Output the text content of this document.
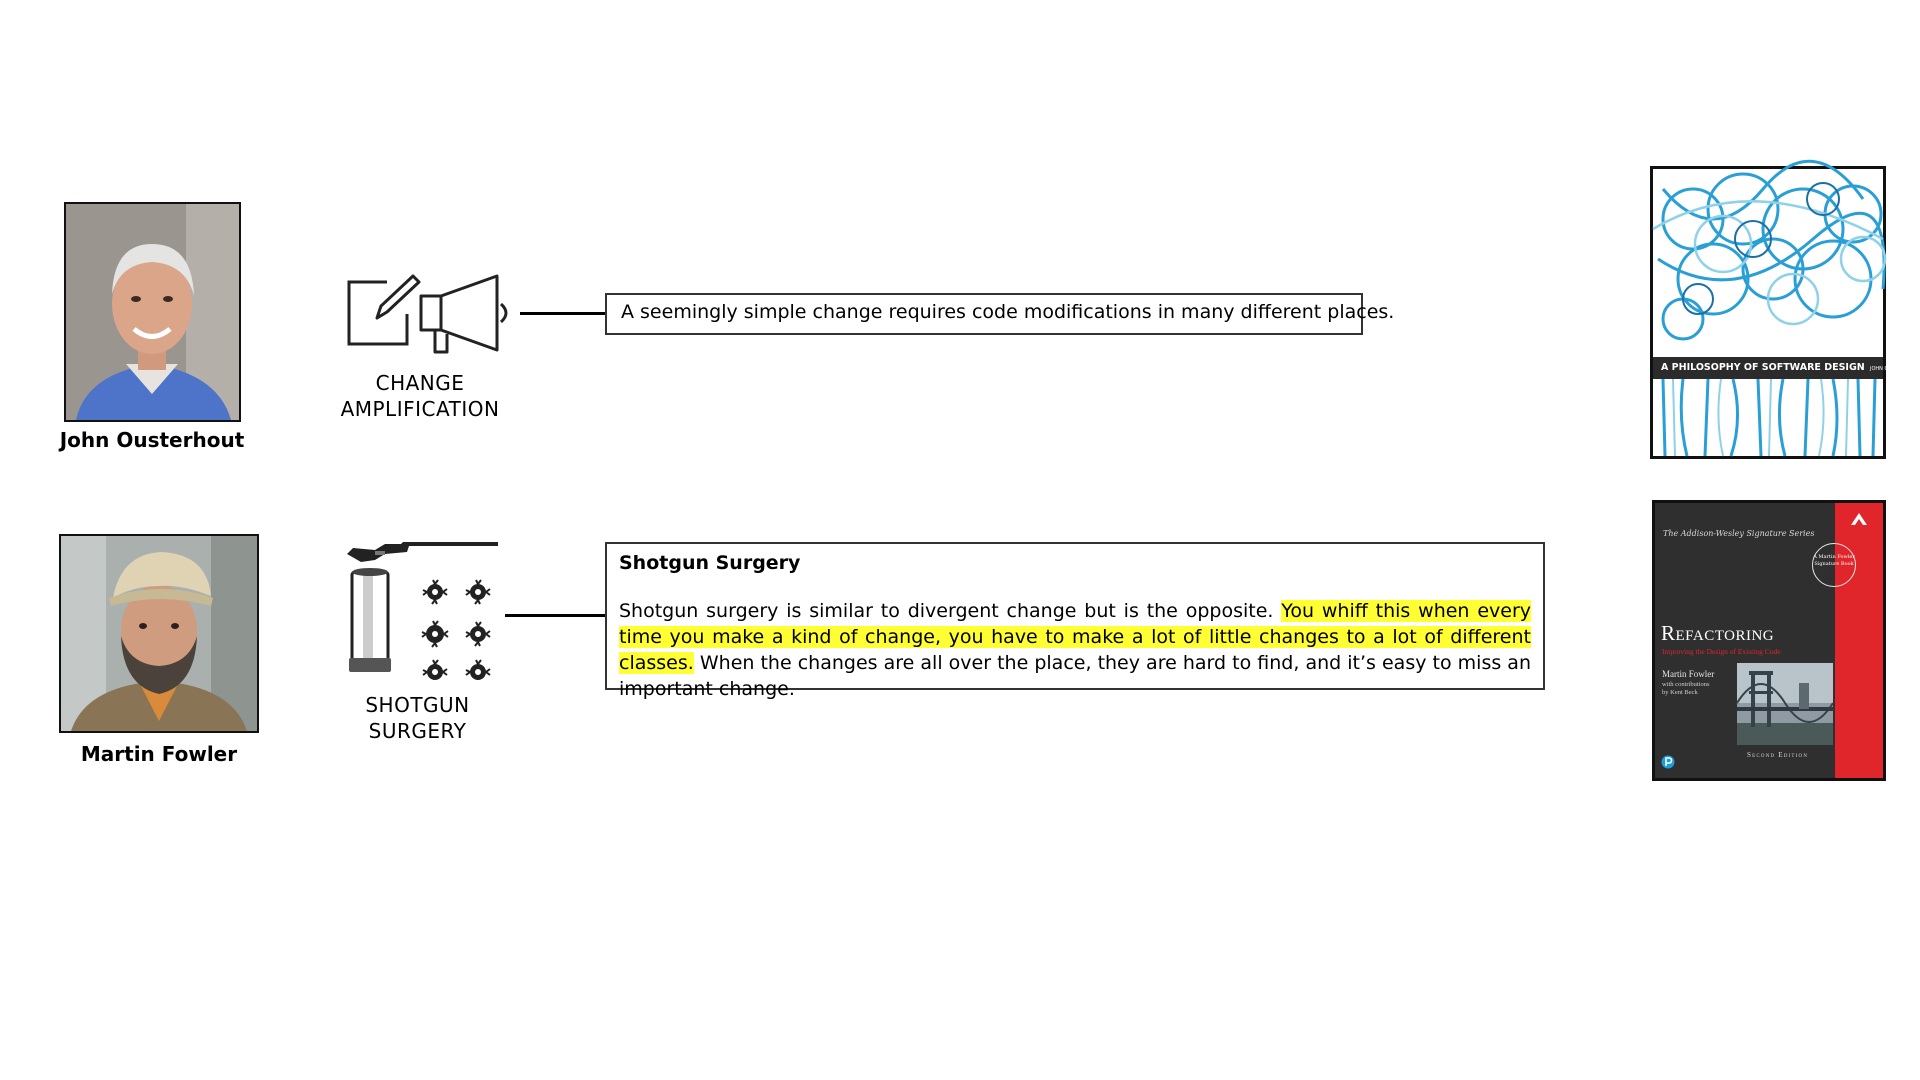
John Ousterhout
CHANGE
AMPLIFICATION
A seemingly simple change requires code modifications in many different places.
A PHILOSOPHY OF SOFTWARE DESIGN JOHN OUSTERHOUT
Martin Fowler
SHOTGUN
SURGERY
Shotgun Surgery
Shotgun surgery is similar to divergent change but is the opposite. You whiff this when every time you make a kind of change, you have to make a lot of little changes to a lot of different classes. When the changes are all over the place, they are hard to find, and it’s easy to miss an important change.
A Martin Fowler Signature Book
The Addison-Wesley Signature Series
Refactoring
Improving the Design of Existing Code
Martin Fowler
with contributions by Kent Beck
Second Edition
